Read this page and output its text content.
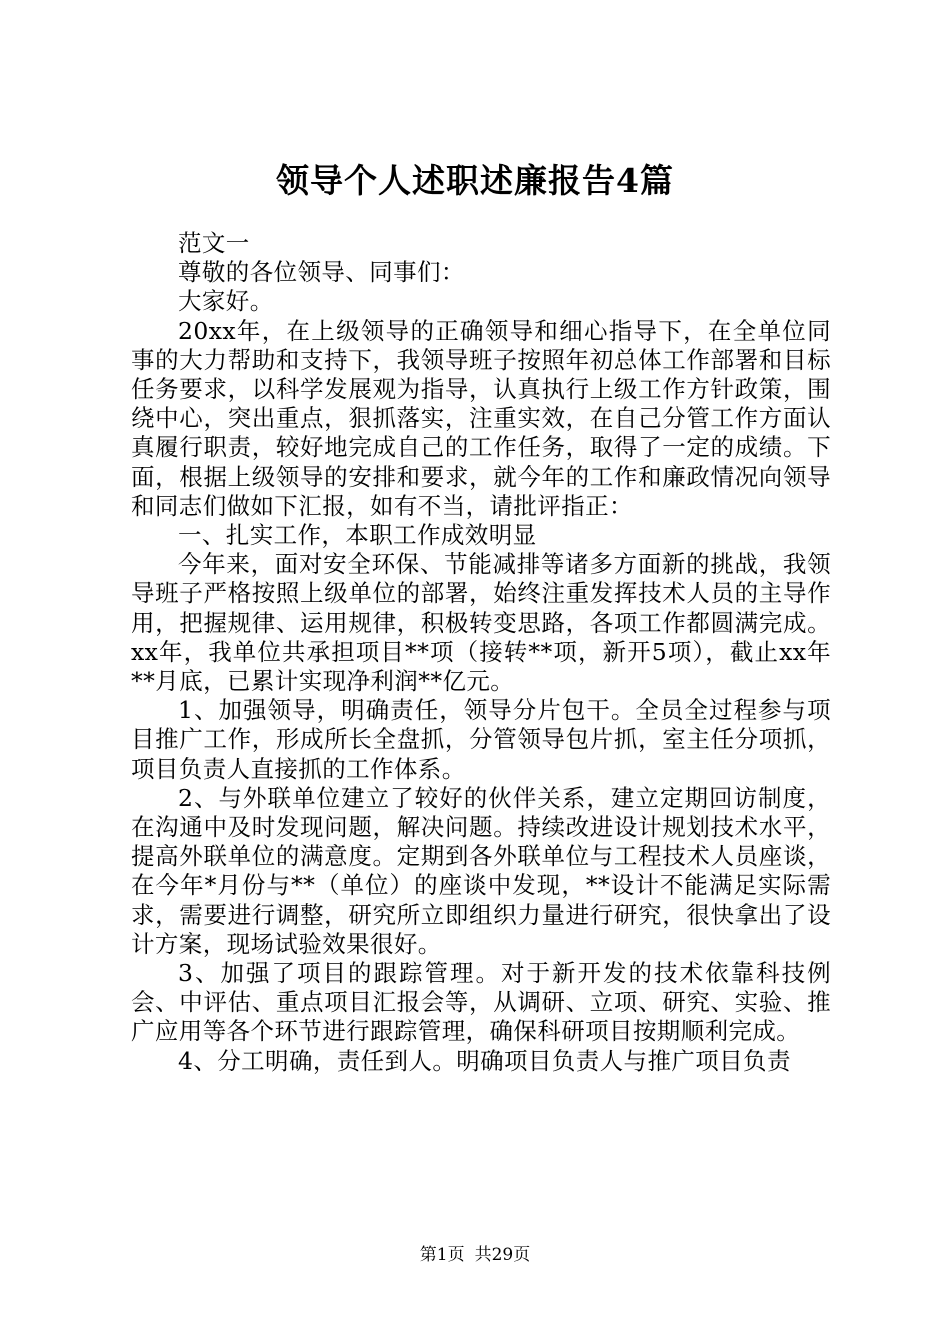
领导个人述职述廉报告4篇

范文一

尊敬的各位领导、同事们：

大家好。

20xx年，在上级领导的正确领导和细心指导下，在全单位同事的大力帮助和支持下，我领导班子按照年初总体工作部署和目标任务要求，以科学发展观为指导，认真执行上级工作方针政策，围绕中心，突出重点，狠抓落实，注重实效，在自己分管工作方面认真履行职责，较好地完成自己的工作任务，取得了一定的成绩。下面，根据上级领导的安排和要求，就今年的工作和廉政情况向领导和同志们做如下汇报，如有不当，请批评指正：

一、扎实工作，本职工作成效明显

今年来，面对安全环保、节能减排等诸多方面新的挑战，我领导班子严格按照上级单位的部署，始终注重发挥技术人员的主导作用，把握规律、运用规律，积极转变思路，各项工作都圆满完成。xx年，我单位共承担项目**项（接转**项，新开5项），截止xx年**月底，已累计实现净利润**亿元。

1、加强领导，明确责任，领导分片包干。全员全过程参与项目推广工作，形成所长全盘抓，分管领导包片抓，室主任分项抓，项目负责人直接抓的工作体系。

2、与外联单位建立了较好的伙伴关系，建立定期回访制度，在沟通中及时发现问题，解决问题。持续改进设计规划技术水平，提高外联单位的满意度。定期到各外联单位与工程技术人员座谈，在今年*月份与**（单位）的座谈中发现，**设计不能满足实际需求，需要进行调整，研究所立即组织力量进行研究，很快拿出了设计方案，现场试验效果很好。

3、加强了项目的跟踪管理。对于新开发的技术依靠科技例会、中评估、重点项目汇报会等，从调研、立项、研究、实验、推广应用等各个环节进行跟踪管理，确保科研项目按期顺利完成。

4、分工明确，责任到人。明确项目负责人与推广项目负责

第1页 共29页
